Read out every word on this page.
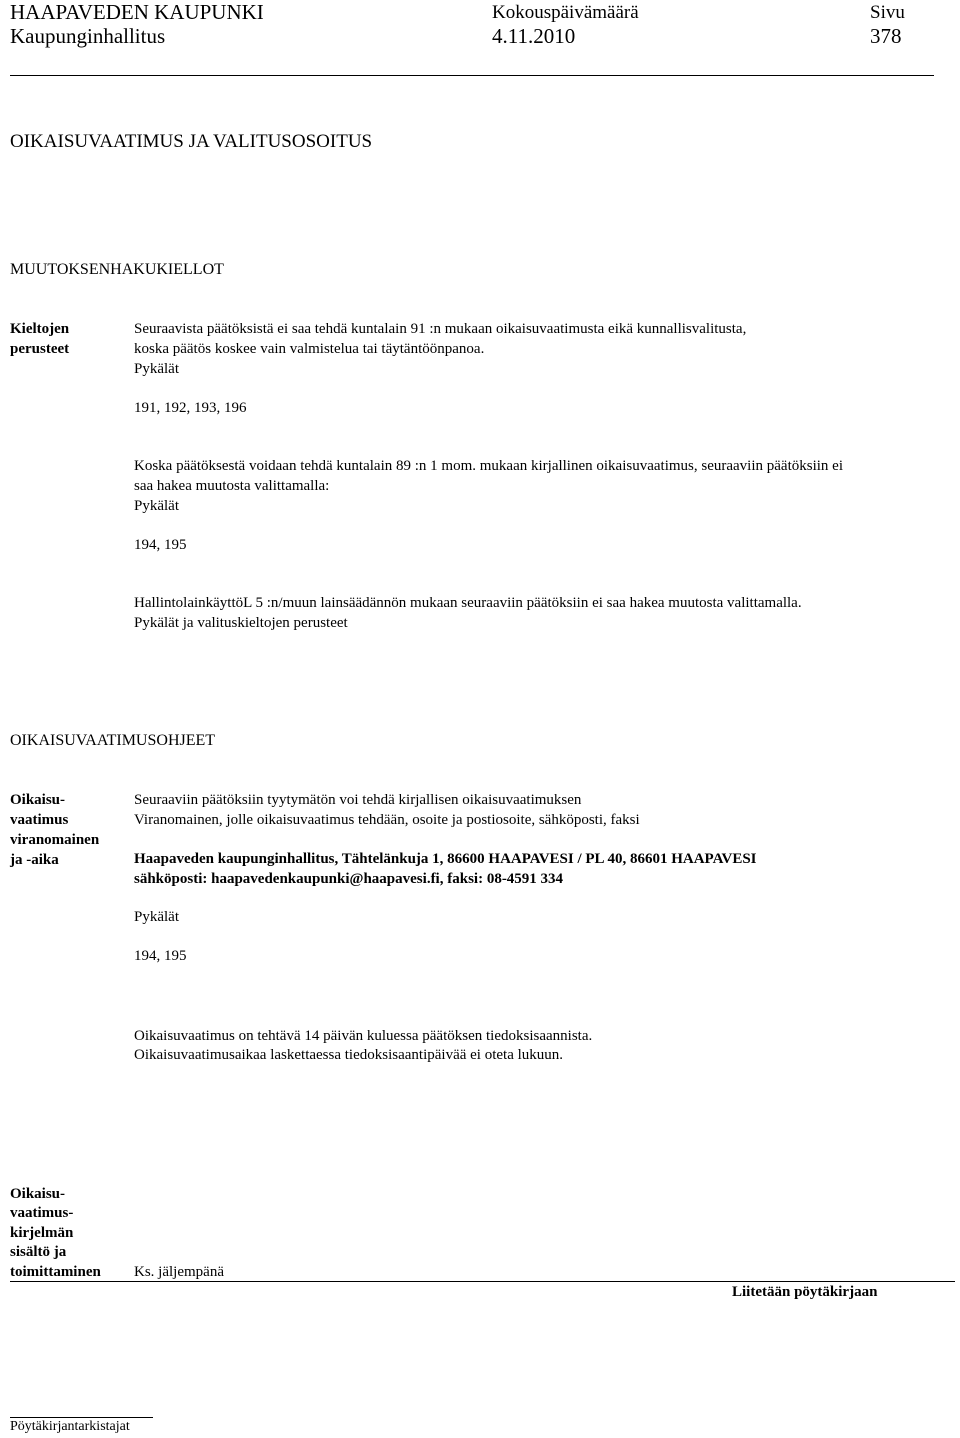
HAAPAVEDEN KAUPUNKI
Kaupunginhallitus
Kokouspäivämäärä
4.11.2010
Sivu
378
OIKAISUVAATIMUS JA VALITUSOSOITUS
MUUTOKSENHAKUKIELLOT
Kieltojen
perusteet
Seuraavista päätöksistä ei saa tehdä kuntalain 91 :n mukaan oikaisuvaatimusta eikä kunnallisvalitusta,
koska päätös koskee vain valmistelua tai täytäntöönpanoa.
Pykälät
191, 192, 193, 196
Koska päätöksestä voidaan tehdä kuntalain 89 :n 1 mom. mukaan kirjallinen oikaisuvaatimus, seuraaviin päätöksiin ei
saa hakea muutosta valittamalla:
Pykälät
194, 195
HallintolainkäyttöL 5 :n/muun lainsäädännön mukaan seuraaviin päätöksiin ei saa hakea muutosta valittamalla.
Pykälät ja valituskieltojen perusteet
OIKAISUVAATIMUSOHJEET
Oikaisu-
vaatimus
viranomainen
ja -aika
Seuraaviin päätöksiin tyytymätön voi tehdä kirjallisen oikaisuvaatimuksen
Viranomainen, jolle oikaisuvaatimus tehdään, osoite ja postiosoite, sähköposti, faksi
Haapaveden kaupunginhallitus, Tähtelänkuja 1, 86600 HAAPAVESI / PL 40, 86601 HAAPAVESI
sähköposti: haapavedenkaupunki@haapavesi.fi, faksi: 08-4591 334
Pykälät
194, 195
Oikaisuvaatimus on tehtävä 14 päivän kuluessa päätöksen tiedoksisaannista.
Oikaisuvaatimusaikaa laskettaessa tiedoksisaantipäivää ei oteta lukuun.
Oikaisu-
vaatimus-
kirjelmän
sisältö ja
toimittaminen Ks. jäljempänä
Liitetään pöytäkirjaan
Pöytäkirjantarkistajat
